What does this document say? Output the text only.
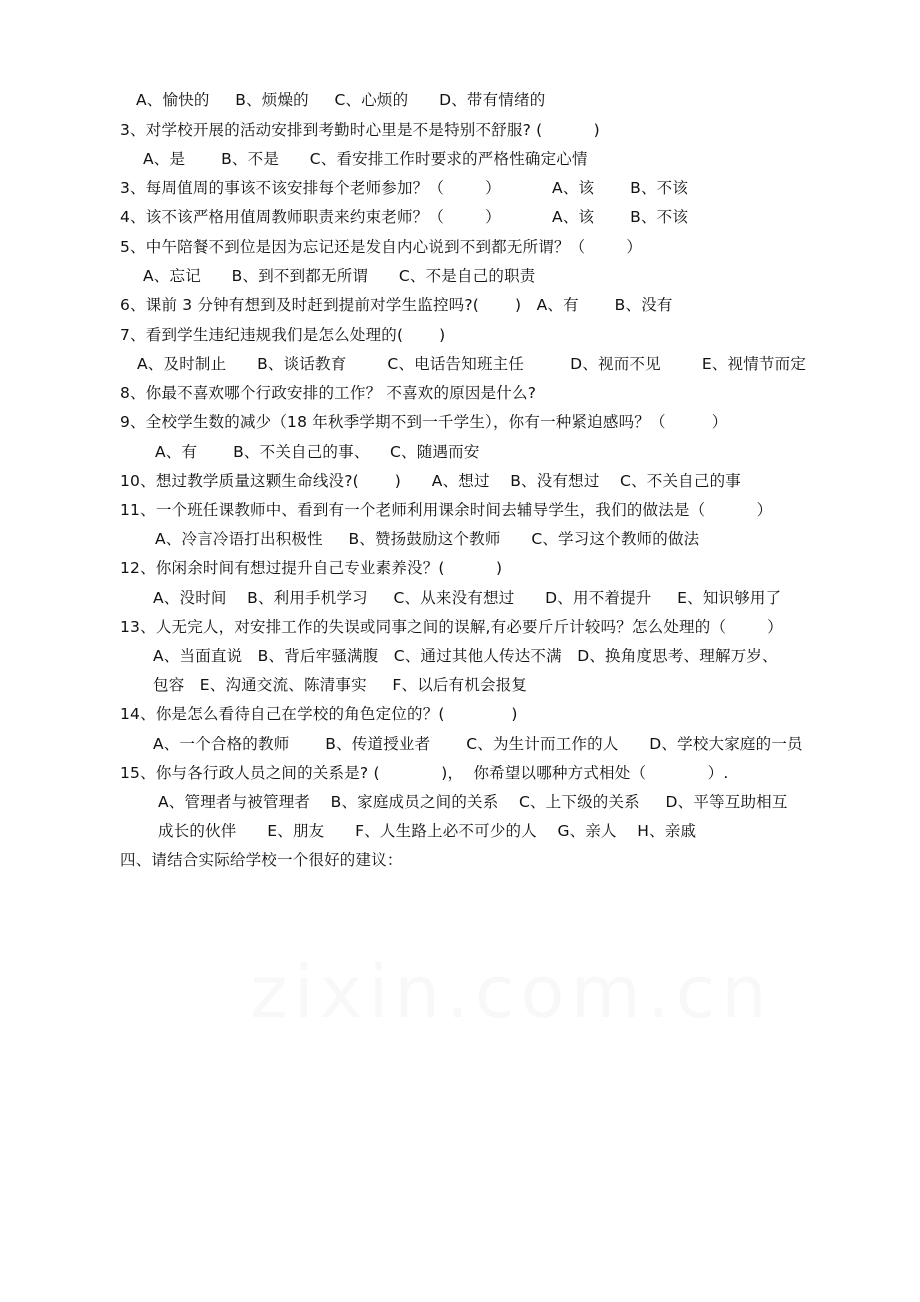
A、愉快的     B、烦燥的     C、心烦的      D、带有情绪的
3、对学校开展的活动安排到考勤时心里是不是特别不舒服? (          )
A、是       B、不是      C、看安排工作时要求的严格性确定心情
3、每周值周的事该不该安排每个老师参加？（        ）          A、该       B、不该
4、该不该严格用值周教师职责来约束老师？（        ）          A、该       B、不该
5、中午陪餐不到位是因为忘记还是发自内心说到不到都无所谓？（        ）
A、忘记      B、到不到都无所谓      C、不是自己的职责
6、课前 3 分钟有想到及时赶到提前对学生监控吗?(       )   A、有       B、没有
7、看到学生违纪违规我们是怎么处理的(       )
A、及时制止      B、谈话教育        C、电话告知班主任         D、视而不见        E、视情节而定
8、你最不喜欢哪个行政安排的工作？ 不喜欢的原因是什么?
9、全校学生数的减少（18 年秋季学期不到一千学生），你有一种紧迫感吗？（         ）
A、有       B、不关自己的事、    C、随遇而安
10、想过教学质量这颗生命线没?(       )      A、想过    B、没有想过    C、不关自己的事
11、一个班任课教师中、看到有一个老师利用课余时间去辅导学生，我们的做法是（          ）
A、冷言冷语打出积极性     B、赞扬鼓励这个教师      C、学习这个教师的做法
12、你闲余时间有想过提升自己专业素养没？(          )
A、没时间    B、利用手机学习     C、从来没有想过      D、用不着提升     E、知识够用了
13、人无完人，对安排工作的失误或同事之间的误解,有必要斤斤计较吗？怎么处理的（        ）
A、当面直说   B、背后牢骚满腹   C、通过其他人传达不满   D、换角度思考、理解万岁、
包容   E、沟通交流、陈清事实     F、以后有机会报复
14、你是怎么看待自己在学校的角色定位的？(             )
A、一个合格的教师       B、传道授业者       C、为生计而工作的人      D、学校大家庭的一员
15、你与各行政人员之间的关系是? (            )，  你希望以哪种方式相处（            ）.
A、管理者与被管理者    B、家庭成员之间的关系    C、上下级的关系     D、平等互助相互
成长的伙伴      E、朋友      F、人生路上必不可少的人    G、亲人    H、亲戚
四、请结合实际给学校一个很好的建议：
